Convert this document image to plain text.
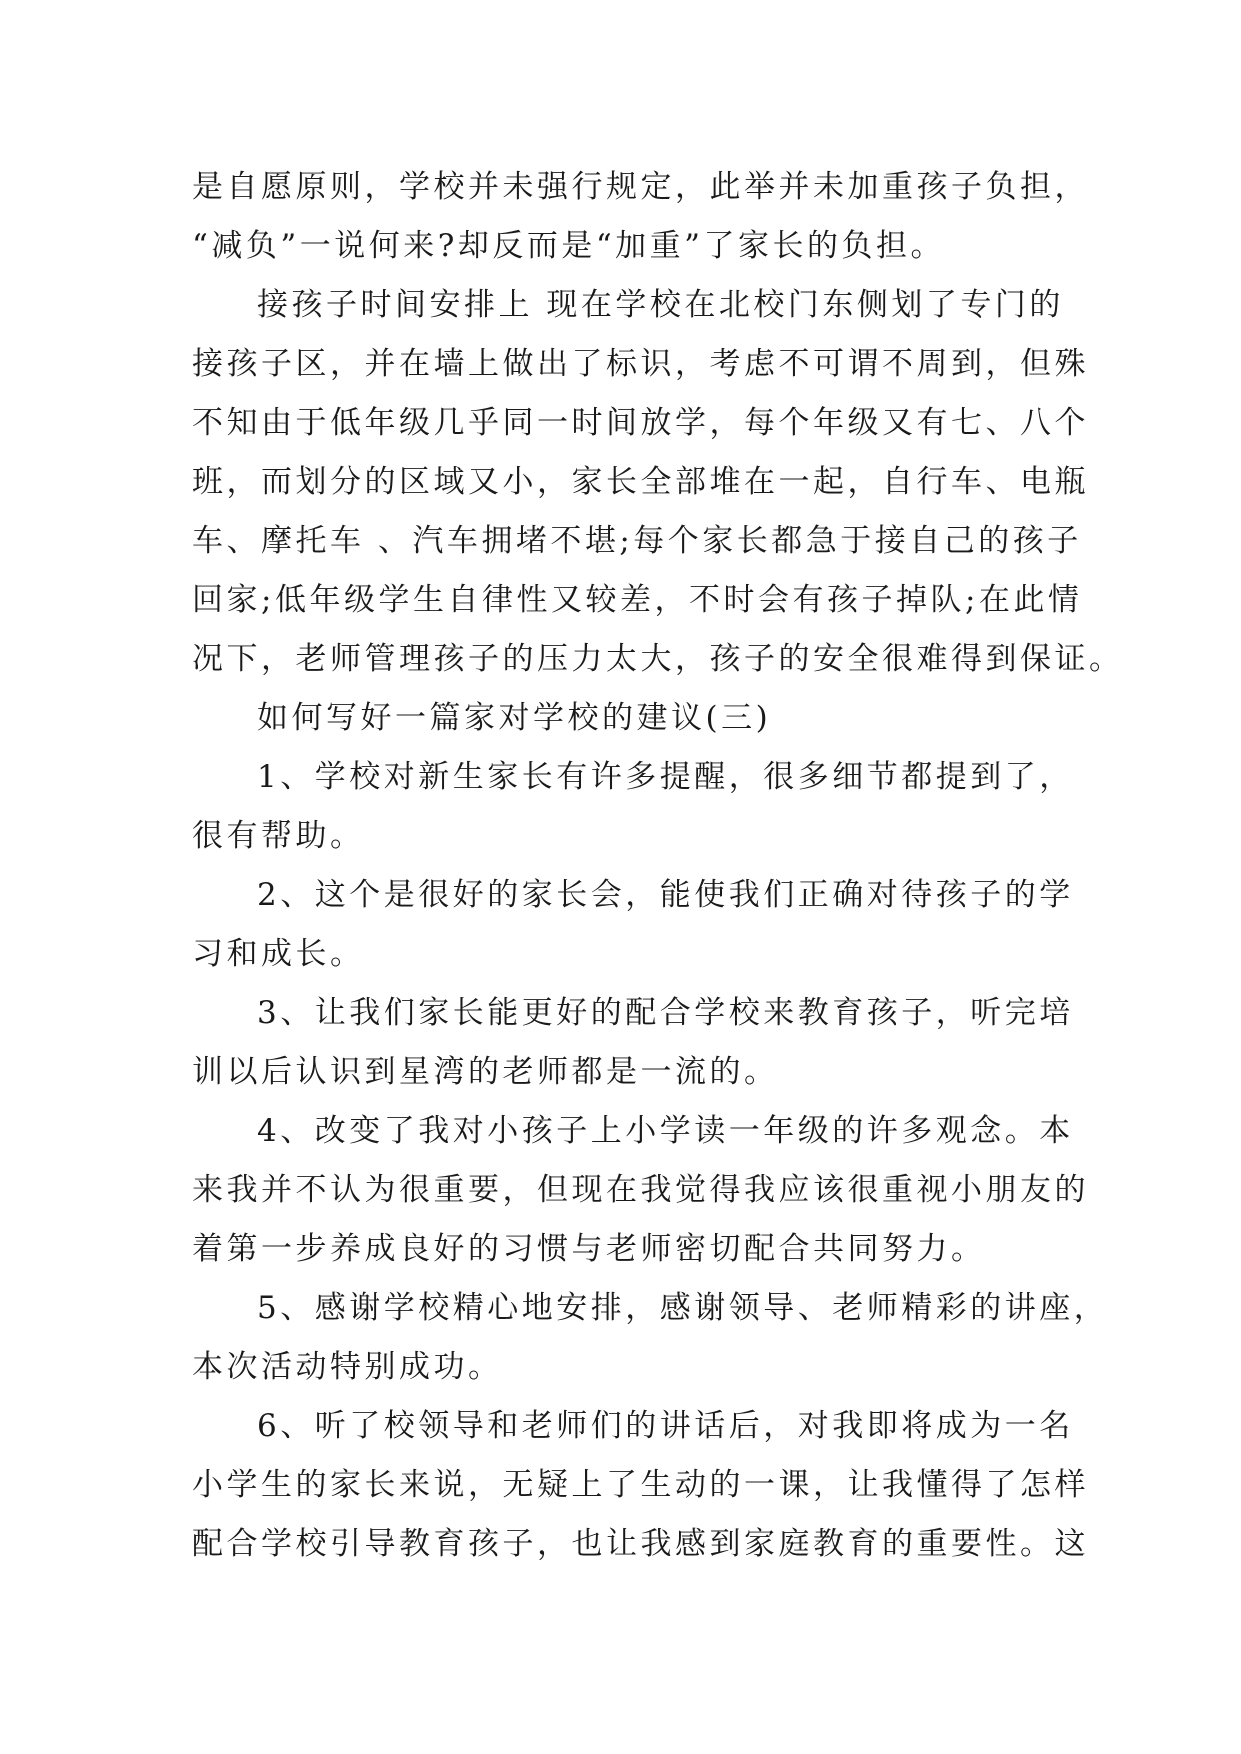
是自愿原则，学校并未强行规定，此举并未加重孩子负担，
“减负”一说何来?却反而是“加重”了家长的负担。
接孩子时间安排上 现在学校在北校门东侧划了专门的
接孩子区，并在墙上做出了标识，考虑不可谓不周到，但殊
不知由于低年级几乎同一时间放学，每个年级又有七、八个
班，而划分的区域又小，家长全部堆在一起，自行车、电瓶
车、摩托车 、汽车拥堵不堪;每个家长都急于接自己的孩子
回家;低年级学生自律性又较差，不时会有孩子掉队;在此情
况下，老师管理孩子的压力太大，孩子的安全很难得到保证。
如何写好一篇家对学校的建议(三)
1、学校对新生家长有许多提醒，很多细节都提到了，
很有帮助。
2、这个是很好的家长会，能使我们正确对待孩子的学
习和成长。
3、让我们家长能更好的配合学校来教育孩子，听完培
训以后认识到星湾的老师都是一流的。
4、改变了我对小孩子上小学读一年级的许多观念。本
来我并不认为很重要，但现在我觉得我应该很重视小朋友的
着第一步养成良好的习惯与老师密切配合共同努力。
5、感谢学校精心地安排，感谢领导、老师精彩的讲座，
本次活动特别成功。
6、听了校领导和老师们的讲话后，对我即将成为一名
小学生的家长来说，无疑上了生动的一课，让我懂得了怎样
配合学校引导教育孩子，也让我感到家庭教育的重要性。这
